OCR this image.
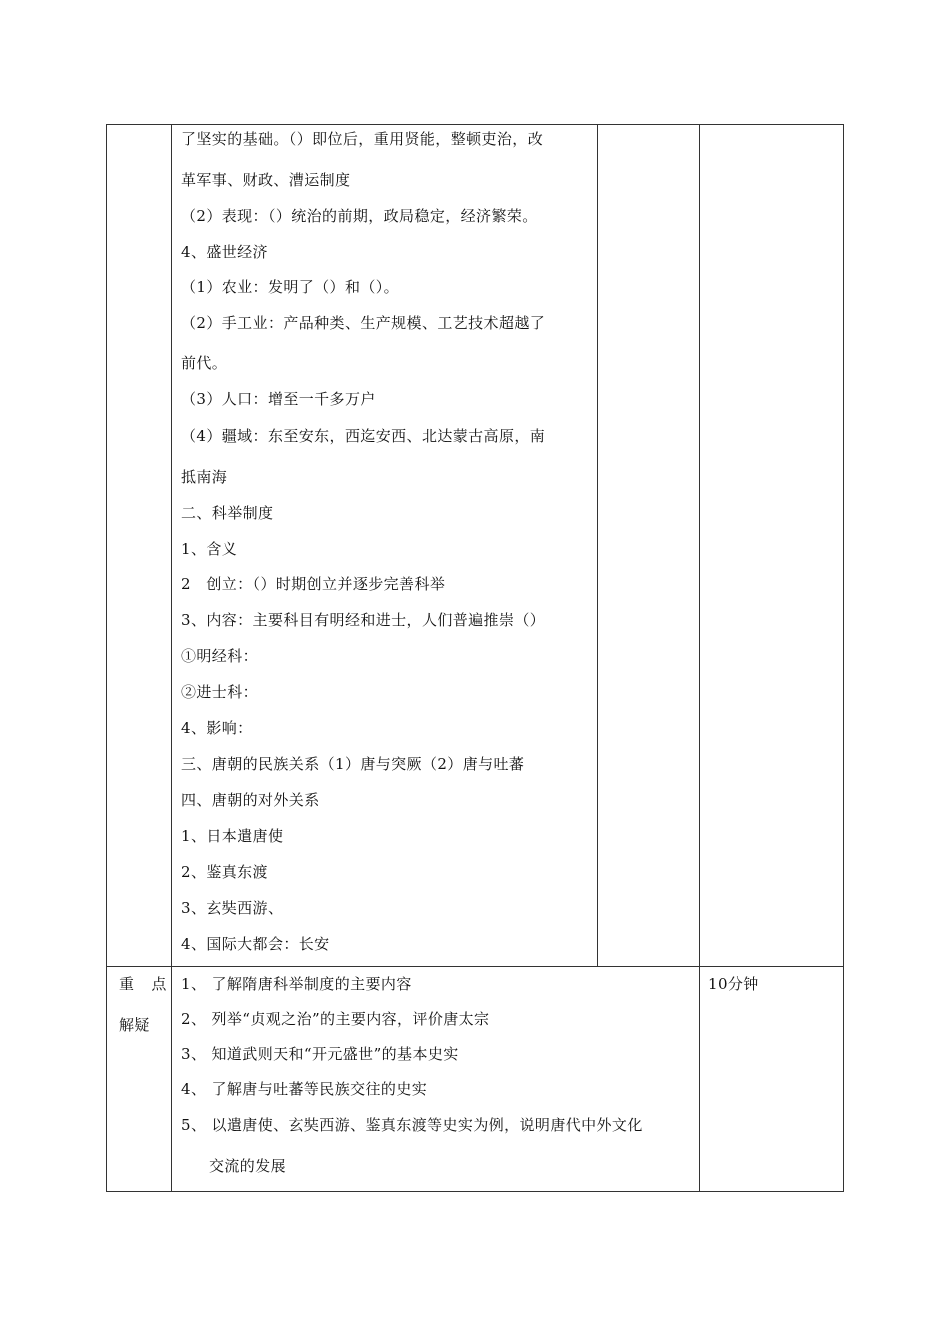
了坚实的基础。（）即位后，重用贤能，整顿吏治，改
革军事、财政、漕运制度
（2）表现：（）统治的前期，政局稳定，经济繁荣。
4、盛世经济
（1）农业：发明了（）和（）。
（2）手工业：产品种类、生产规模、工艺技术超越了
前代。
（3）人口：增至一千多万户
（4）疆域：东至安东，西迄安西、北达蒙古高原，南
抵南海
二、科举制度
1、含义
2　创立：（）时期创立并逐步完善科举
3、内容：主要科目有明经和进士，人们普遍推崇（）
①明经科：
②进士科：
4、影响：
三、唐朝的民族关系（1）唐与突厥（2）唐与吐蕃
四、唐朝的对外关系
1、日本遣唐使
2、鉴真东渡
3、玄奘西游、
4、国际大都会：长安
重　点
解疑
1、 了解隋唐科举制度的主要内容
2、 列举“贞观之治”的主要内容，评价唐太宗
3、 知道武则天和“开元盛世”的基本史实
4、 了解唐与吐蕃等民族交往的史实
5、 以遣唐使、玄奘西游、鉴真东渡等史实为例，说明唐代中外文化
交流的发展
10分钟
